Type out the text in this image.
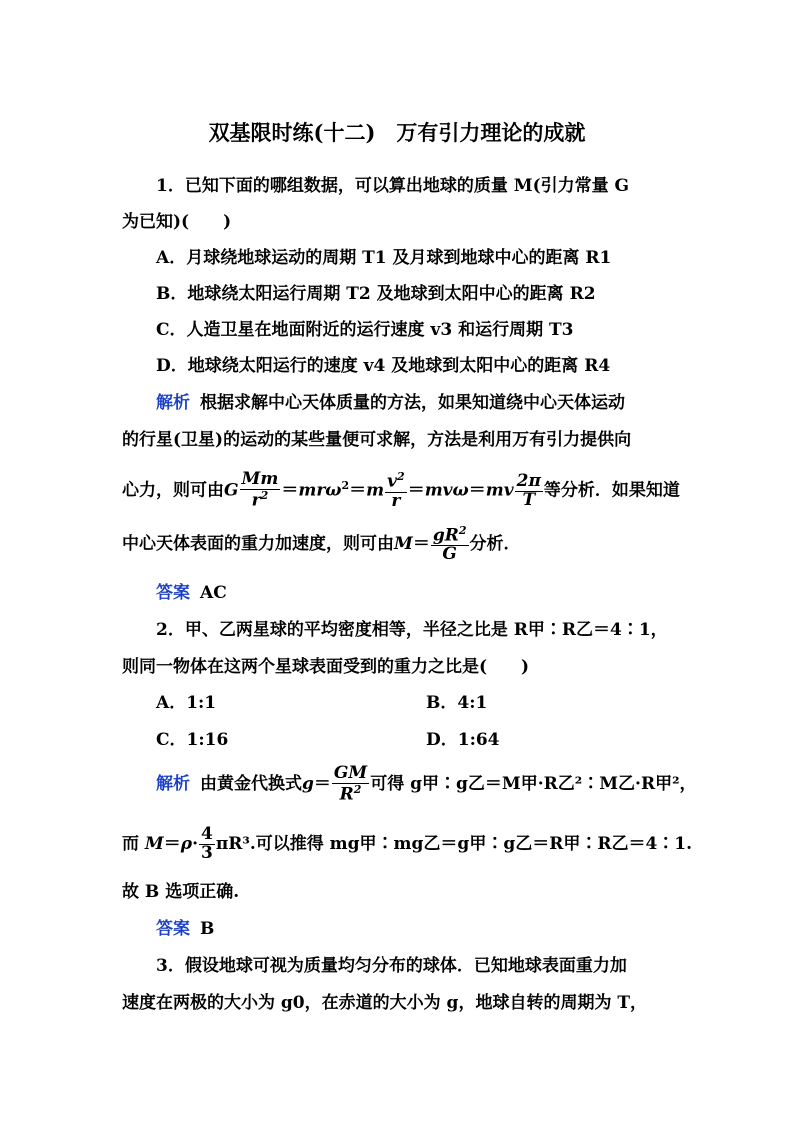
双基限时练(十二)　万有引力理论的成就
1．已知下面的哪组数据，可以算出地球的质量 M(引力常量 G
为已知)(　　)
A．月球绕地球运动的周期 T1 及月球到地球中心的距离 R1
B．地球绕太阳运行周期 T2 及地球到太阳中心的距离 R2
C．人造卫星在地面附近的运行速度 v3 和运行周期 T3
D．地球绕太阳运行的速度 v4 及地球到太阳中心的距离 R4
解析 根据求解中心天体质量的方法，如果知道绕中心天体运动
的行星(卫星)的运动的某些量便可求解，方法是利用万有引力提供向
心力，则可由G $\frac{Mm}{r^2} =mr\omega^2=m \frac{v^2}{r} =mv\omega=mv \frac{2\pi}{T}$ 等分析．如果知道
中心天体表面的重力加速度，则可由$M= \frac{gR^2}{G}$ 分析．
答案 AC
2．甲、乙两星球的平均密度相等，半径之比是 R甲∶R乙＝4∶1，
则同一物体在这两个星球表面受到的重力之比是(　　)
A．1:1	B．4:1
C．1:16	D．1:64
解析 由黄金代换式$g= \frac{GM}{R^2}$ 可得 g甲∶g乙＝M甲·R乙²∶M乙·R甲²，
而 $M=\rho\cdot \frac{4}{3} \pi R^3$.可以推得 mg甲∶mg乙＝g甲∶g乙＝R甲∶R乙＝4∶1.
故 B 选项正确.
答案 B
3．假设地球可视为质量均匀分布的球体．已知地球表面重力加
速度在两极的大小为 g0，在赤道的大小为 g，地球自转的周期为 T，
